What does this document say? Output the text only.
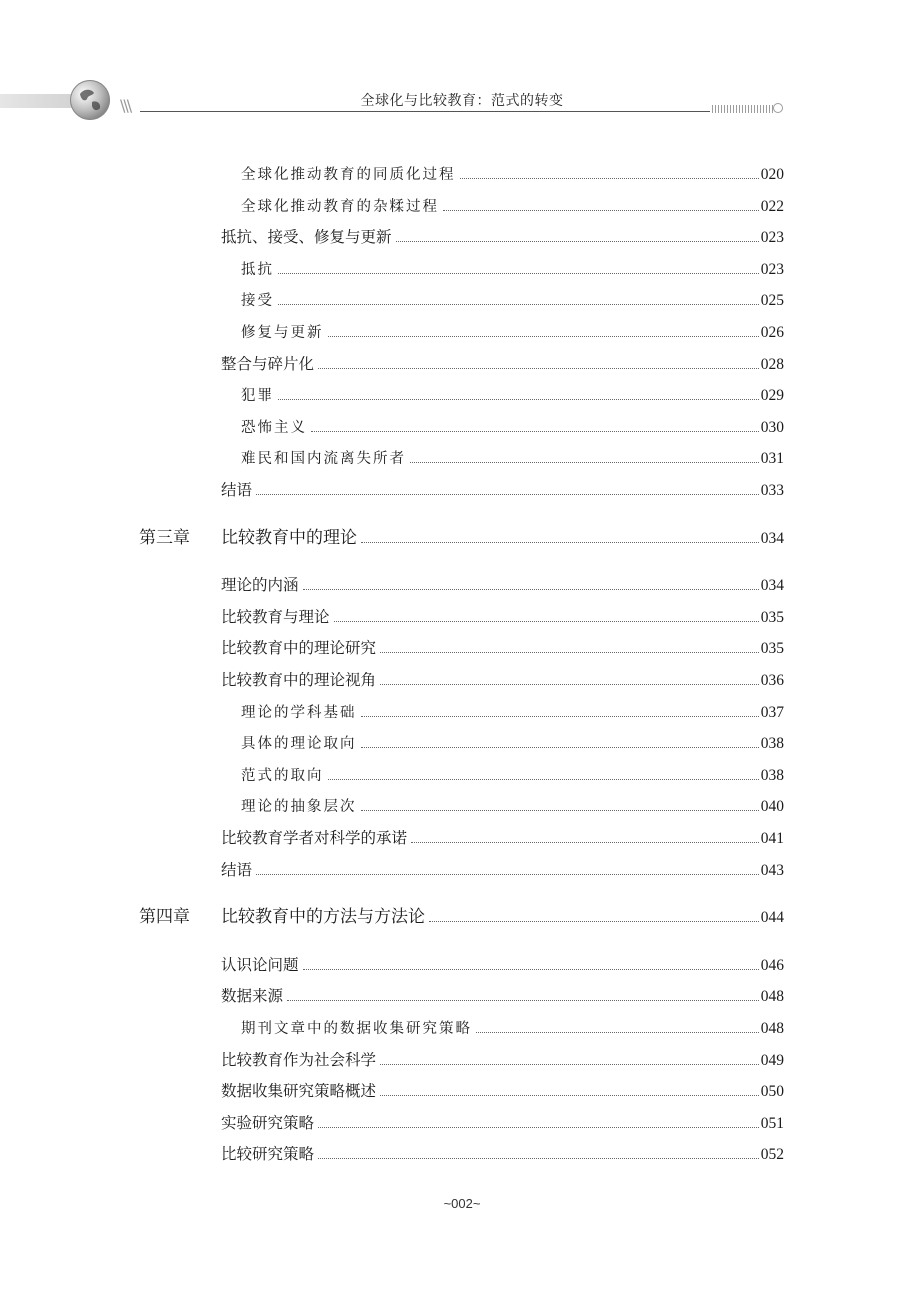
\\\	全球化与比较教育：范式的转变
全球化推动教育的同质化过程	020
全球化推动教育的杂糅过程	022
抵抗、接受、修复与更新	023
抵抗	023
接受	025
修复与更新	026
整合与碎片化	028
犯罪	029
恐怖主义	030
难民和国内流离失所者	031
结语	033
第三章 比较教育中的理论	034
理论的内涵	034
比较教育与理论	035
比较教育中的理论研究	035
比较教育中的理论视角	036
理论的学科基础	037
具体的理论取向	038
范式的取向	038
理论的抽象层次	040
比较教育学者对科学的承诺	041
结语	043
第四章 比较教育中的方法与方法论	044
认识论问题	046
数据来源	048
期刊文章中的数据收集研究策略	048
比较教育作为社会科学	049
数据收集研究策略概述	050
实验研究策略	051
比较研究策略	052
~002~
